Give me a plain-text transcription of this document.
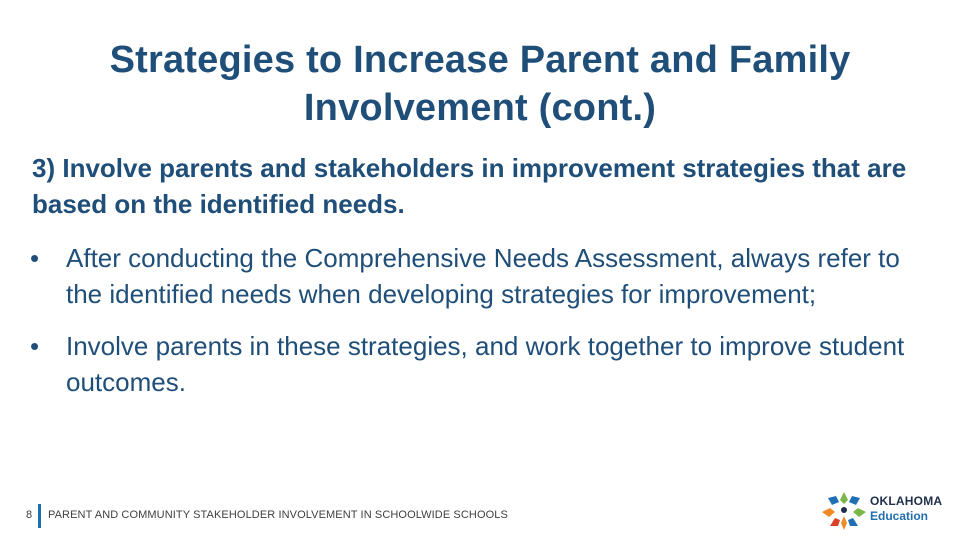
Strategies to Increase Parent and Family Involvement (cont.)
3) Involve parents and stakeholders in improvement strategies that are based on the identified needs.
•	After conducting the Comprehensive Needs Assessment, always refer to the identified needs when developing strategies for improvement;
•	Involve parents in these strategies, and work together to improve student outcomes.
8 PARENT AND COMMUNITY STAKEHOLDER INVOLVEMENT IN SCHOOLWIDE SCHOOLS
OKLAHOMA
Education
